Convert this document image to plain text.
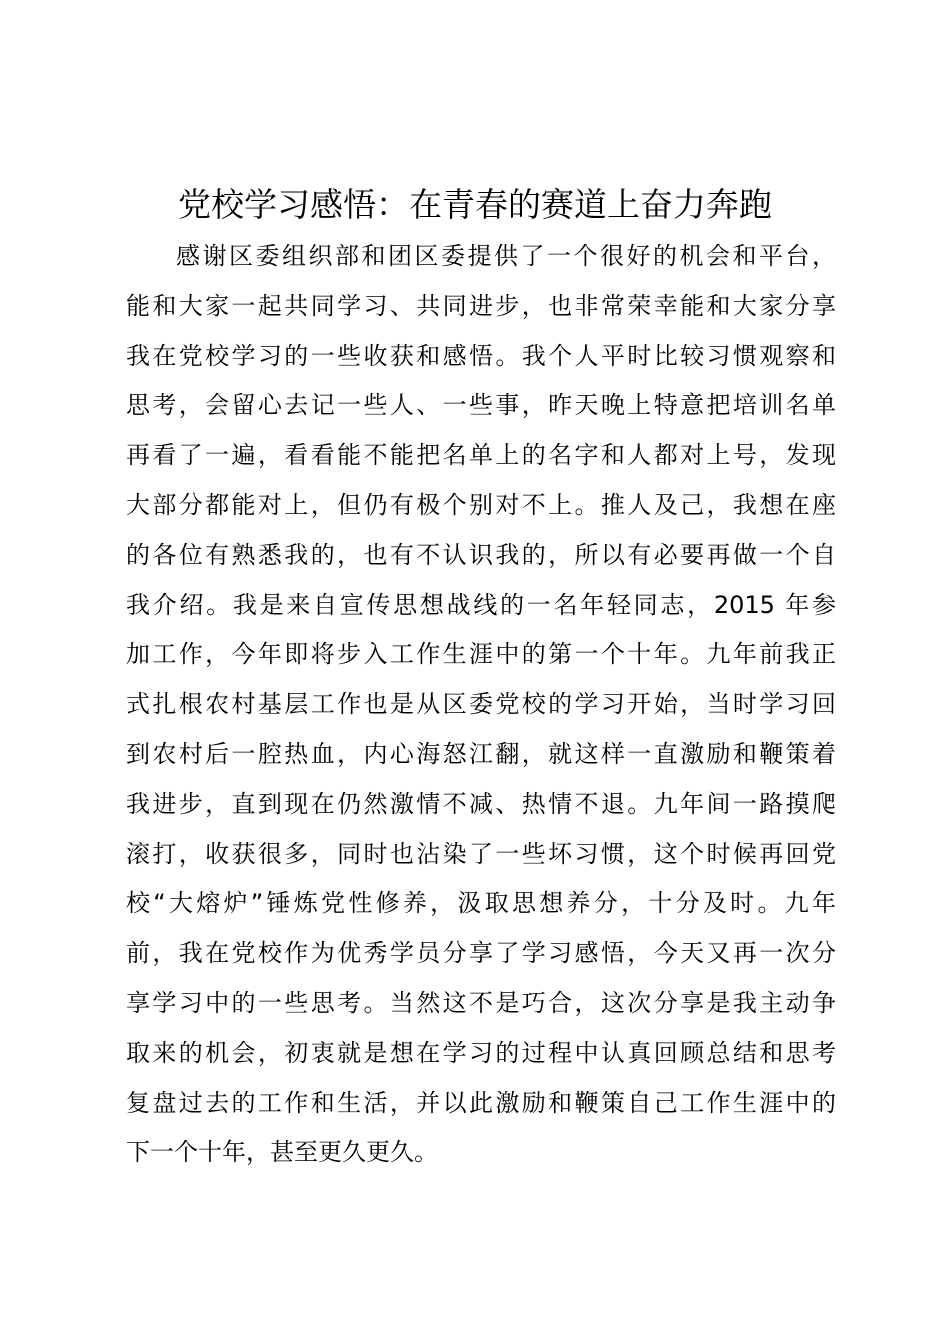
党校学习感悟：在青春的赛道上奋力奔跑
感谢区委组织部和团区委提供了一个很好的机会和平台，
能和大家一起共同学习、共同进步，也非常荣幸能和大家分享
我在党校学习的一些收获和感悟。我个人平时比较习惯观察和
思考，会留心去记一些人、一些事，昨天晚上特意把培训名单
再看了一遍，看看能不能把名单上的名字和人都对上号，发现
大部分都能对上，但仍有极个别对不上。推人及己，我想在座
的各位有熟悉我的，也有不认识我的，所以有必要再做一个自
我介绍。我是来自宣传思想战线的一名年轻同志，2015 年参
加工作，今年即将步入工作生涯中的第一个十年。九年前我正
式扎根农村基层工作也是从区委党校的学习开始，当时学习回
到农村后一腔热血，内心海怒江翻，就这样一直激励和鞭策着
我进步，直到现在仍然激情不减、热情不退。九年间一路摸爬
滚打，收获很多，同时也沾染了一些坏习惯，这个时候再回党
校“大熔炉”锤炼党性修养，汲取思想养分，十分及时。九年
前，我在党校作为优秀学员分享了学习感悟，今天又再一次分
享学习中的一些思考。当然这不是巧合，这次分享是我主动争
取来的机会，初衷就是想在学习的过程中认真回顾总结和思考
复盘过去的工作和生活，并以此激励和鞭策自己工作生涯中的
下一个十年，甚至更久更久。
